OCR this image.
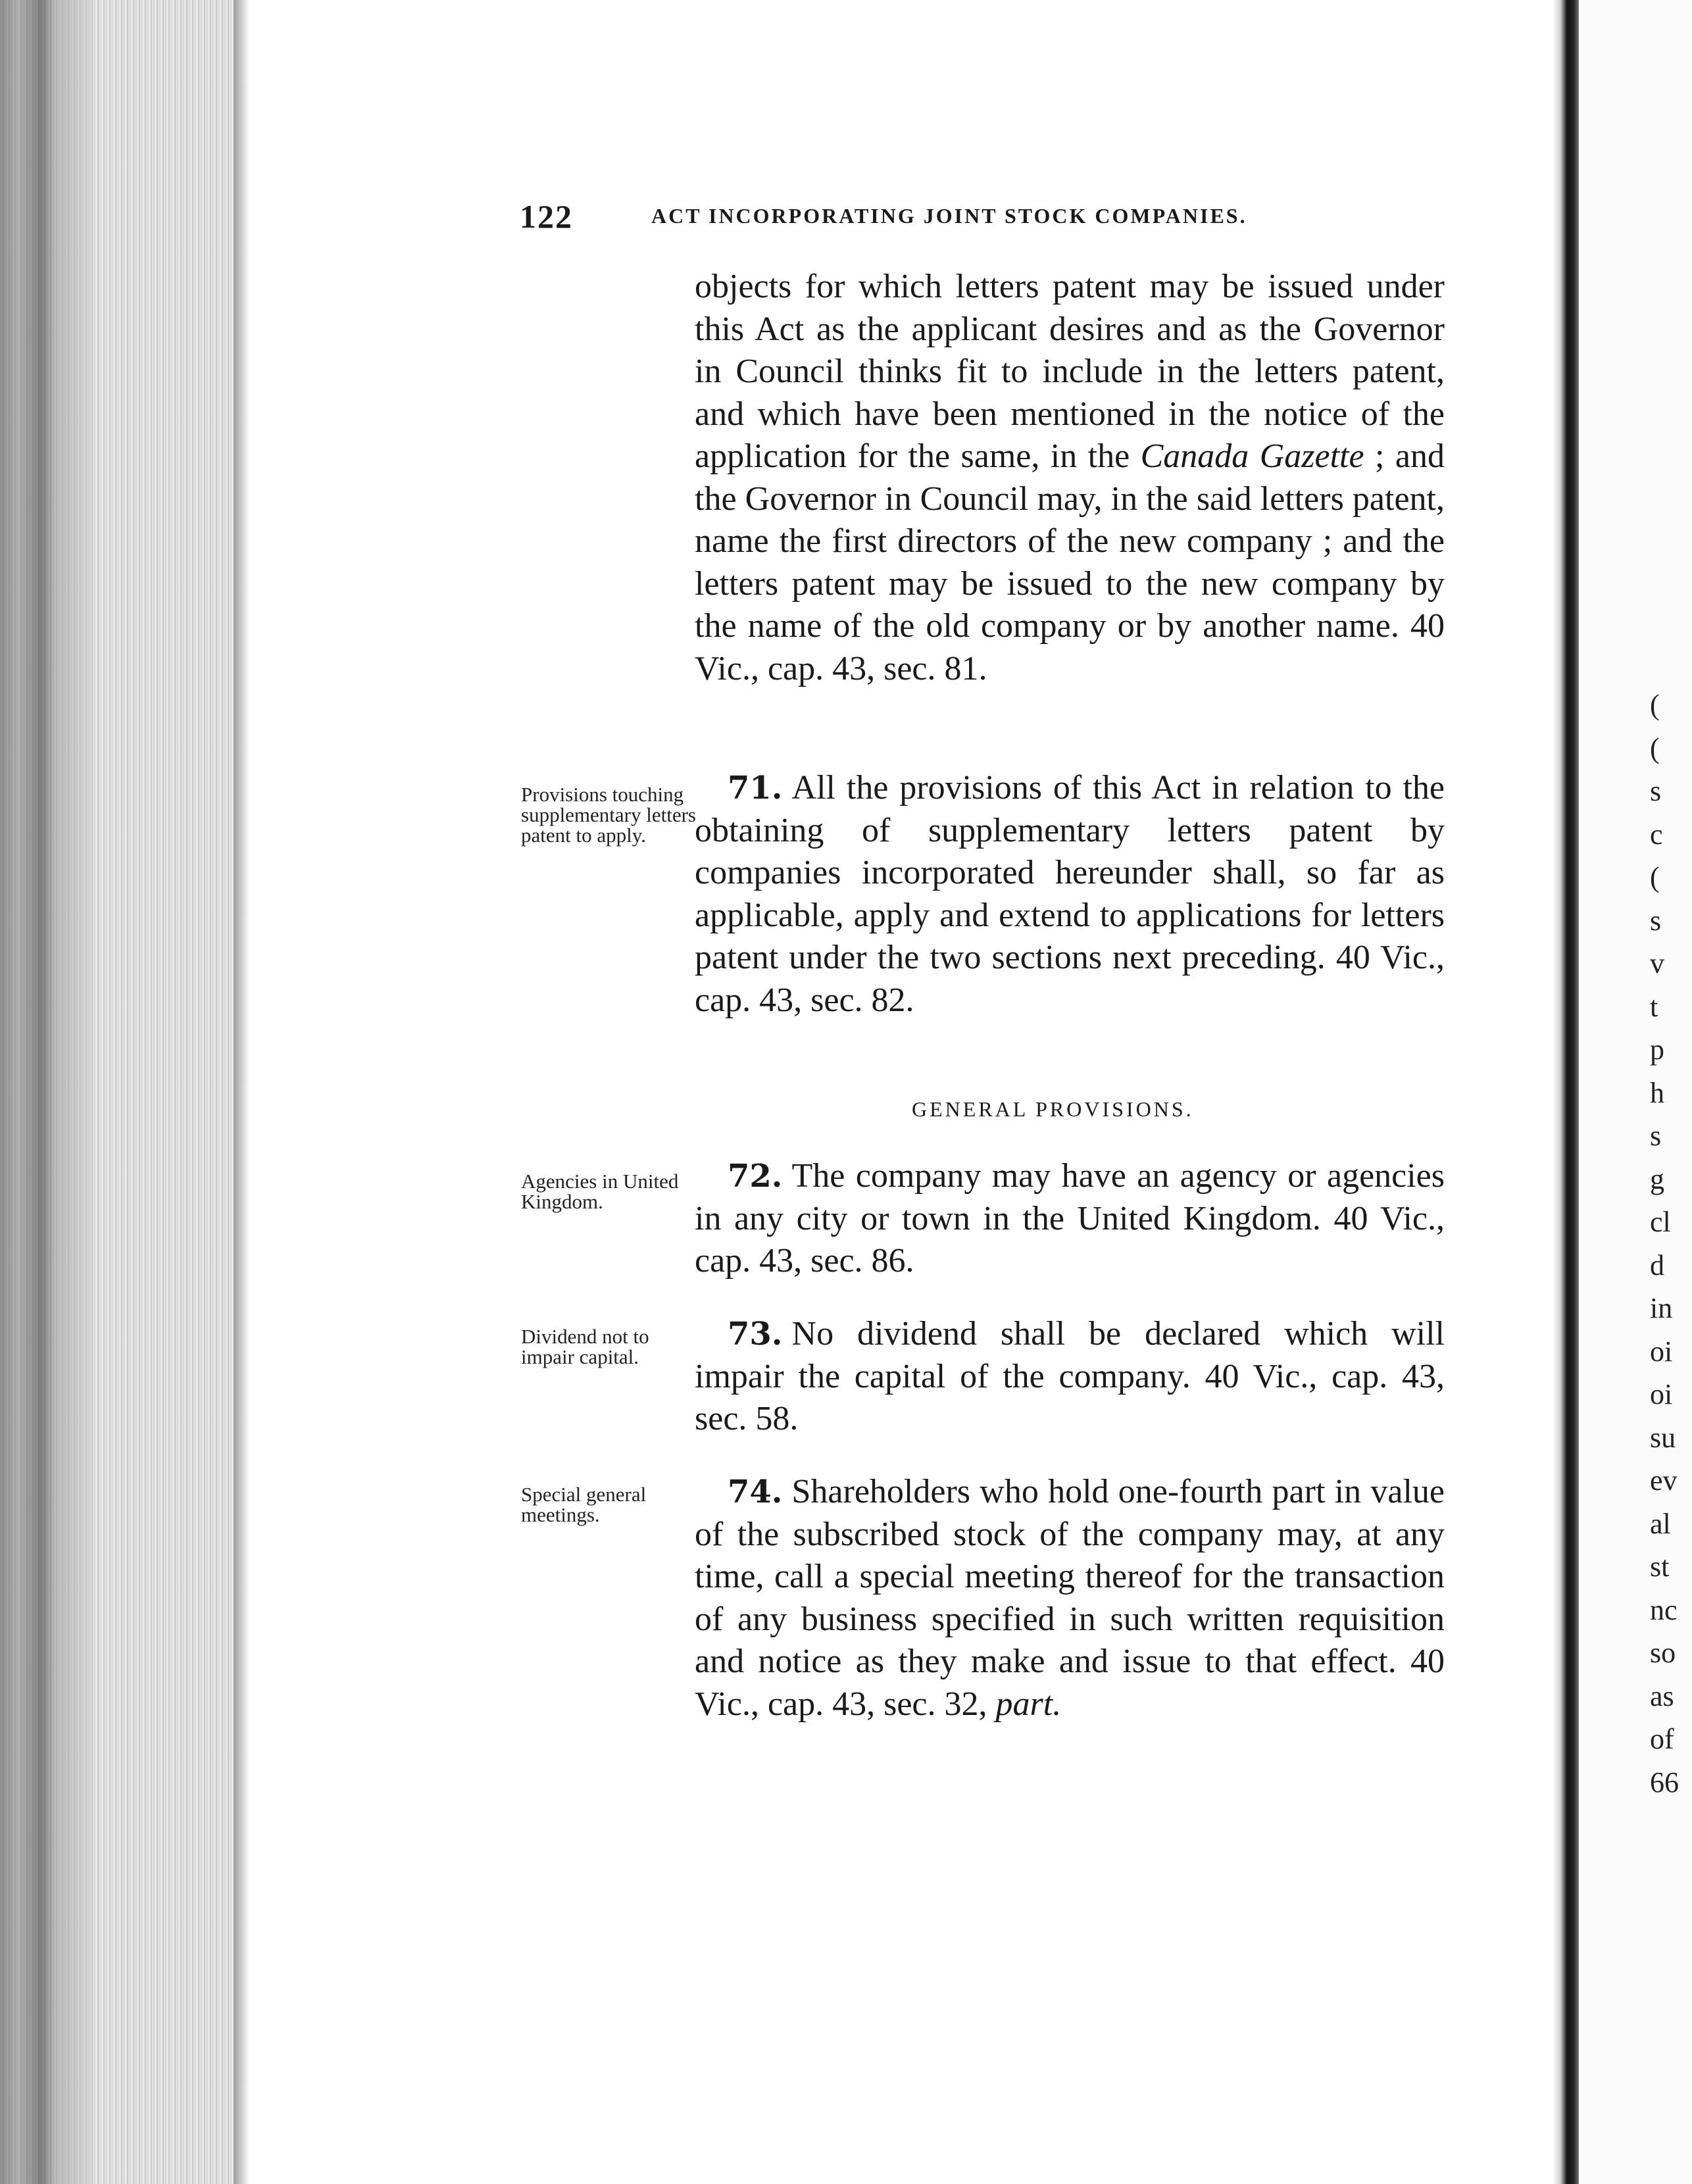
122	ACT INCORPORATING JOINT STOCK COMPANIES.

objects for which letters patent may be issued under this Act as the applicant desires and as the Governor in Council thinks fit to include in the letters patent, and which have been mentioned in the notice of the application for the same, in the Canada Gazette ; and the Governor in Council may, in the said letters patent, name the first directors of the new company ; and the letters patent may be issued to the new company by the name of the old company or by another name. 40 Vic., cap. 43, sec. 81.

Provisions touching supplementary letters patent to apply.

71. All the provisions of this Act in relation to the obtaining of supplementary letters patent by companies incorporated hereunder shall, so far as applicable, apply and extend to applications for letters patent under the two sections next preceding. 40 Vic., cap. 43, sec. 82.

GENERAL PROVISIONS.
Agencies in United Kingdom.

72. The company may have an agency or agencies in any city or town in the United Kingdom. 40 Vic., cap. 43, sec. 86.

Dividend not to impair capital.

73. No dividend shall be declared which will impair the capital of the company. 40 Vic., cap. 43, sec. 58.

Special general meetings.

74. Shareholders who hold one-fourth part in value of the subscribed stock of the company may, at any time, call a special meeting thereof for the transaction of any business specified in such written requisition and notice as they make and issue to that effect. 40 Vic., cap. 43, sec. 32, part.

(
(
s
c
(
s
v
t
p
h
s
g
cl
d
in
oi
oi
su
ev
al
st
nc
so
as
of
66
